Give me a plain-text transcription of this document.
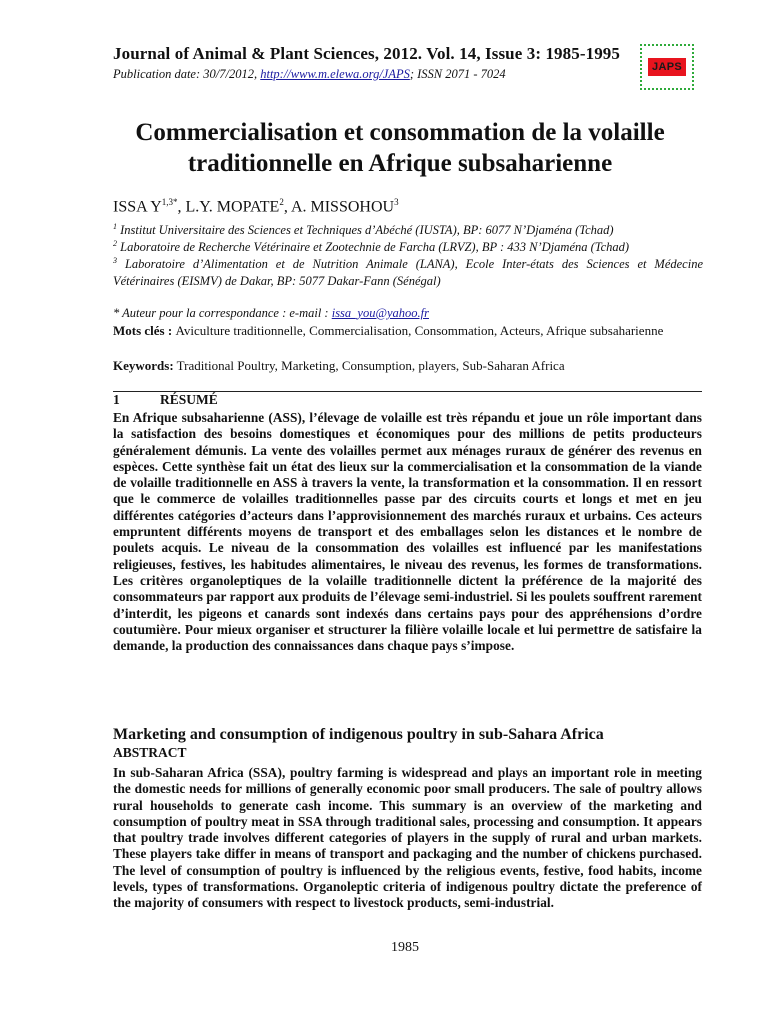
Journal of Animal & Plant Sciences, 2012. Vol. 14, Issue 3: 1985-1995
Publication date: 30/7/2012, http://www.m.elewa.org/JAPS; ISSN 2071 - 7024	JAPS
Commercialisation et consommation de la volaille traditionnelle en Afrique subsaharienne
ISSA $Y^{1,3*}$, L.Y. MOPATE$^2$, A. MISSOHOU$^3$
$^1$ Institut Universitaire des Sciences et Techniques d’Abéché (IUSTA), BP: 6077 N’Djaména (Tchad)
$^2$ Laboratoire de Recherche Vétérinaire et Zootechnie de Farcha (LRVZ), BP : 433 N’Djaména (Tchad)
$^3$ Laboratoire d’Alimentation et de Nutrition Animale (LANA), Ecole Inter-états des Sciences et Médecine Vétérinaires (EISMV) de Dakar, BP: 5077 Dakar-Fann (Sénégal)
* Auteur pour la correspondance : e-mail : issa_you@yahoo.fr
Mots clés : Aviculture traditionnelle, Commercialisation, Consommation, Acteurs, Afrique subsaharienne
Keywords: Traditional Poultry, Marketing, Consumption, players, Sub-Saharan Africa
1	RÉSUMÉ
En Afrique subsaharienne (ASS), l’élevage de volaille est très répandu et joue un rôle important dans la satisfaction des besoins domestiques et économiques pour des millions de petits producteurs généralement démunis. La vente des volailles permet aux ménages ruraux de générer des revenus en espèces. Cette synthèse fait un état des lieux sur la commercialisation et la consommation de la viande de volaille traditionnelle en ASS à travers la vente, la transformation et la consommation. Il en ressort que le commerce de volailles traditionnelles passe par des circuits courts et longs et met en jeu différentes catégories d’acteurs dans l’approvisionnement des marchés ruraux et urbains. Ces acteurs empruntent différents moyens de transport et des emballages selon les distances et le nombre de poulets acquis. Le niveau de la consommation des volailles est influencé par les manifestations religieuses, festives, les habitudes alimentaires, le niveau des revenus, les formes de transformations. Les critères organoleptiques de la volaille traditionnelle dictent la préférence de la majorité des consommateurs par rapport aux produits de l’élevage semi-industriel. Si les poulets souffrent rarement d’interdit, les pigeons et canards sont indexés dans certains pays pour des appréhensions d’ordre coutumière. Pour mieux organiser et structurer la filière volaille locale et lui permettre de satisfaire la demande, la production des connaissances dans chaque pays s’impose.
Marketing and consumption of indigenous poultry in sub-Sahara Africa
ABSTRACT
In sub-Saharan Africa (SSA), poultry farming is widespread and plays an important role in meeting the domestic needs for millions of generally economic poor small producers. The sale of poultry allows rural households to generate cash income. This summary is an overview of the marketing and consumption of poultry meat in SSA through traditional sales, processing and consumption. It appears that poultry trade involves different categories of players in the supply of rural and urban markets. These players take differ in means of transport and packaging and the number of chickens purchased. The level of consumption of poultry is influenced by the religious events, festive, food habits, income levels, types of transformations. Organoleptic criteria of indigenous poultry dictate the preference of the majority of consumers with respect to livestock products, semi-industrial.
1985
